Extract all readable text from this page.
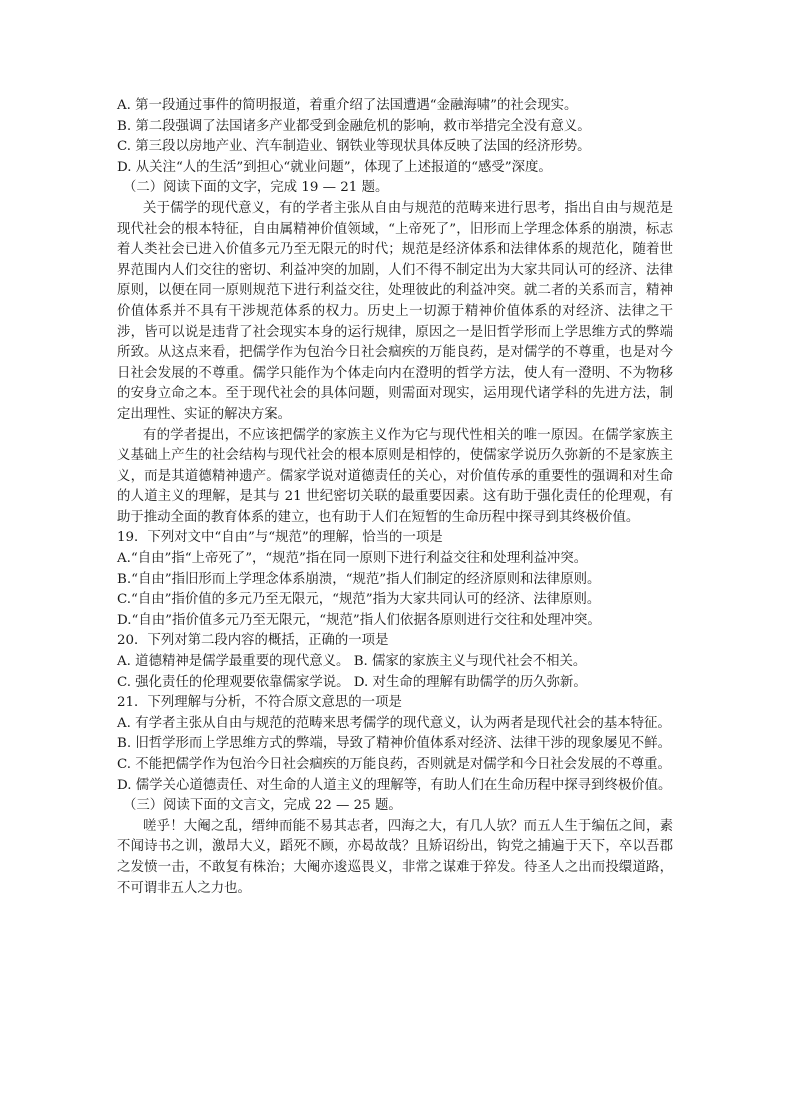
A. 第一段通过事件的简明报道，着重介绍了法国遭遇“金融海啸”的社会现实。

B. 第二段强调了法国诸多产业都受到金融危机的影响，救市举措完全没有意义。

C. 第三段以房地产业、汽车制造业、钢铁业等现状具体反映了法国的经济形势。

D. 从关注“人的生活”到担心“就业问题”，体现了上述报道的“感受”深度。

（二）阅读下面的文字，完成 19 — 21 题。

关于儒学的现代意义，有的学者主张从自由与规范的范畴来进行思考，指出自由与规范是现代社会的根本特征，自由属精神价值领域，“上帝死了”，旧形而上学理念体系的崩溃，标志着人类社会已进入价值多元乃至无限元的时代；规范是经济体系和法律体系的规范化，随着世界范围内人们交往的密切、利益冲突的加剧，人们不得不制定出为大家共同认可的经济、法律原则，以便在同一原则规范下进行利益交往，处理彼此的利益冲突。就二者的关系而言，精神价值体系并不具有干涉规范体系的权力。历史上一切源于精神价值体系的对经济、法律之干涉，皆可以说是违背了社会现实本身的运行规律，原因之一是旧哲学形而上学思维方式的弊端所致。从这点来看，把儒学作为包治今日社会痼疾的万能良药，是对儒学的不尊重，也是对今日社会发展的不尊重。儒学只能作为个体走向内在澄明的哲学方法，使人有一澄明、不为物移的安身立命之本。至于现代社会的具体问题，则需面对现实，运用现代诸学科的先进方法，制定出理性、实证的解决方案。

有的学者提出，不应该把儒学的家族主义作为它与现代性相关的唯一原因。在儒学家族主义基础上产生的社会结构与现代社会的根本原则是相悖的，使儒家学说历久弥新的不是家族主义，而是其道德精神遗产。儒家学说对道德责任的关心，对价值传承的重要性的强调和对生命的人道主义的理解，是其与 21 世纪密切关联的最重要因素。这有助于强化责任的伦理观，有助于推动全面的教育体系的建立，也有助于人们在短暂的生命历程中探寻到其终极价值。

19．下列对文中“自由”与“规范”的理解，恰当的一项是

A.“自由”指“上帝死了”，“规范”指在同一原则下进行利益交往和处理利益冲突。

B.“自由”指旧形而上学理念体系崩溃，“规范”指人们制定的经济原则和法律原则。

C.“自由”指价值的多元乃至无限元，“规范”指为大家共同认可的经济、法律原则。

D.“自由”指价值多元乃至无限元，“规范”指人们依据各原则进行交往和处理冲突。

20．下列对第二段内容的概括，正确的一项是

A. 道德精神是儒学最重要的现代意义。 B. 儒家的家族主义与现代社会不相关。

C. 强化责任的伦理观要依靠儒家学说。 D. 对生命的理解有助儒学的历久弥新。

21．下列理解与分析，不符合原文意思的一项是

A. 有学者主张从自由与规范的范畴来思考儒学的现代意义，认为两者是现代社会的基本特征。

B. 旧哲学形而上学思维方式的弊端，导致了精神价值体系对经济、法律干涉的现象屡见不鲜。

C. 不能把儒学作为包治今日社会痼疾的万能良药，否则就是对儒学和今日社会发展的不尊重。

D. 儒学关心道德责任、对生命的人道主义的理解等，有助人们在生命历程中探寻到终极价值。

（三）阅读下面的文言文，完成 22 — 25 题。

嗟乎！大阉之乱，缙绅而能不易其志者，四海之大，有几人欤？而五人生于编伍之间，素不闻诗书之训，激昂大义，蹈死不顾，亦曷故哉？且矫诏纷出，钩党之捕遍于天下，卒以吾郡之发愤一击，不敢复有株治；大阉亦逡巡畏义，非常之谋难于猝发。待圣人之出而投缳道路，不可谓非五人之力也。
